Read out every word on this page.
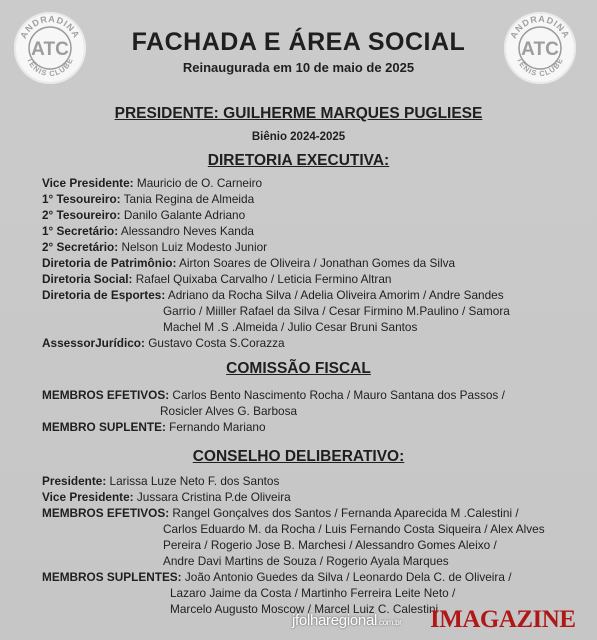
ANDRADINA
TÊNIS CLUBE
ATC
ANDRADINA
TÊNIS CLUBE
ATC
FACHADA E ÁREA SOCIAL
Reinaugurada em 10 de maio de 2025
PRESIDENTE: GUILHERME MARQUES PUGLIESE
Biênio 2024-2025
DIRETORIA EXECUTIVA:
Vice Presidente: Mauricio de O. Carneiro
1° Tesoureiro: Tania Regina de Almeida
2° Tesoureiro: Danilo Galante Adriano
1° Secretário: Alessandro Neves Kanda
2° Secretário: Nelson Luiz Modesto Junior
Diretoria de Patrimônio: Airton Soares de Oliveira / Jonathan Gomes da Silva
Diretoria Social: Rafael Quixaba Carvalho / Leticia Fermino Altran
Diretoria de Esportes: Adriano da Rocha Silva / Adelia Oliveira Amorim / Andre Sandes
Garrio / Miiller Rafael da Silva / Cesar Firmino M.Paulino / Samora
Machel M .S .Almeida / Julio Cesar Bruni Santos
AssessorJurídico: Gustavo Costa S.Corazza
COMISSÃO FISCAL
MEMBROS EFETIVOS: Carlos Bento Nascimento Rocha / Mauro Santana dos Passos /
Rosicler Alves G. Barbosa
MEMBRO SUPLENTE: Fernando Mariano
CONSELHO DELIBERATIVO:
Presidente: Larissa Luze Neto F. dos Santos
Vice Presidente: Jussara Cristina P.de Oliveira
MEMBROS EFETIVOS: Rangel Gonçalves dos Santos / Fernanda Aparecida M .Calestini /
Carlos Eduardo M. da Rocha / Luis Fernando Costa Siqueira / Alex Alves
Pereira / Rogerio Jose B. Marchesi / Alessandro Gomes Aleixo /
Andre Davi Martins de Souza / Rogerio Ayala Marques
MEMBROS SUPLENTES: João Antonio Guedes da Silva / Leonardo Dela C. de Oliveira /
Lazaro Jaime da Costa / Martinho Ferreira Leite Neto /
Marcelo Augusto Moscow / Marcel Luiz C. Calestini
jfolharegional.com.br IMAGAZINE
